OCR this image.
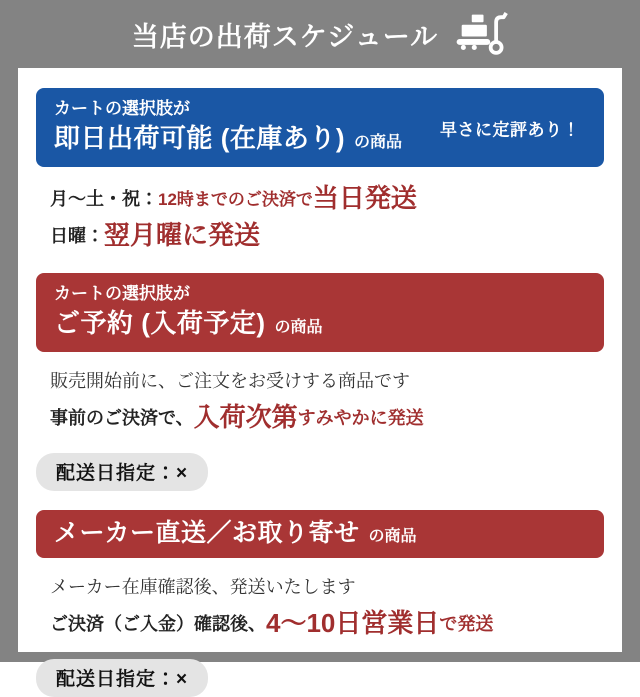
当店の出荷スケジュール
カートの選択肢が
即日出荷可能 (在庫あり) の商品
早さに定評あり！
月～土・祝：12時までのご決済で当日発送
日曜：翌月曜に発送
カートの選択肢が
ご予約 (入荷予定) の商品
販売開始前に、ご注文をお受けする商品です
事前のご決済で、入荷次第すみやかに発送
配送日指定：×
メーカー直送／お取り寄せ の商品
メーカー在庫確認後、発送いたします
ご決済（ご入金）確認後、4～10日営業日で発送
配送日指定：×
